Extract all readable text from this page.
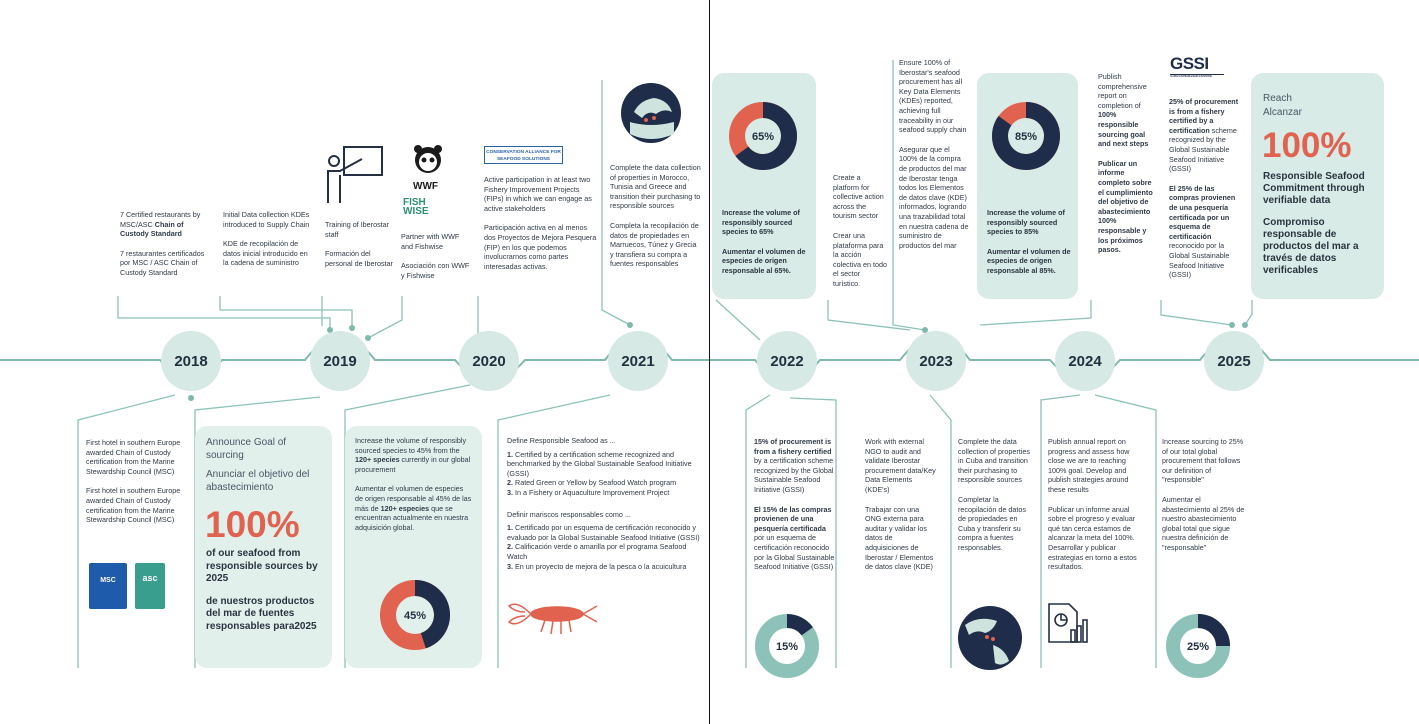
2018	2019	2020	2021	2022	2023	2024	2025

7 Certified restaurants by MSC/ASC Chain of Custody Standard

7 restaurantes certificados por MSC / ASC Chain of Custody Standard

Initial Data collection KDEs introduced to Supply Chain

KDE de recopilación de datos inicial introducido en la cadena de suministro

Training of Iberostar staff

Formación del personal de Iberostar

WWF
FISH WISE

Partner with WWF and Fishwise

Asociación con WWF y Fishwise

CONSERVATION ALLIANCE FOR SEAFOOD SOLUTIONS

Active participation in at least two Fishery Improvement Projects (FIPs) in which we can engage as active stakeholders

Participación activa en al menos dos Proyectos de Mejora Pesquera (FIP) en los que podemos involucrarnos como partes interesadas activas.

Complete the data collection of properties in Morocco, Tunisia and Greece and transition their purchasing to responsible sources

Completa la recopilación de datos de propiedades en Marruecos, Túnez y Grecia y transfiera su compra a fuentes responsables

65%

Increase the volume of responsibly sourced species to 65%

Aumentar el volumen de especies de origen responsable al 65%.

Create a platform for collective action across the tourism sector

Crear una plataforma para la acción colectiva en todo el sector turístico.

Ensure 100% of Iberostar's seafood procurement has all Key Data Elements (KDEs) reported, achieving full traceability in our seafood supply chain

Asegurar que el 100% de la compra de productos del mar de Iberostar tenga todos los Elementos de datos clave (KDE) informados, logrando una trazabilidad total en nuestra cadena de suministro de productos del mar

85%

Increase the volume of responsibly sourced species to 85%

Aumentar el volumen de especies de origen responsable al 85%.

Publish comprehensive report on completion of 100% responsible sourcing goal and next steps

Publicar un informe completo sobre el cumplimiento del objetivo de abastecimiento 100% responsable y los próximos pasos.

GSSI
GLOBAL SUSTAINABLE SEAFOOD INITIATIVE

25% of procurement is from a fishery certified by a certification scheme recognized by the Global Sustainable Seafood Initiative (GSSI)

El 25% de las compras provienen de una pesquería certificada por un esquema de certificación reconocido por la Global Sustainable Seafood Initiative (GSSI)

Reach
Alcanzar
100%

Responsible Seafood Commitment through verifiable data

Compromiso responsable de productos del mar a través de datos verificables

First hotel in southern Europe awarded Chain of Custody certification from the Marine Stewardship Council (MSC)

First hotel in southern Europe awarded Chain of Custody certification from the Marine Stewardship Council (MSC)

MSC	asc

Announce Goal of sourcing

Anunciar el objetivo del abastecimiento

100%

of our seafood from responsible sources by 2025

de nuestros productos del mar de fuentes responsables para2025

Increase the volume of responsibly sourced species to 45% from the 120+ species currently in our global procurement

Aumentar el volumen de especies de origen responsable al 45% de las más de 120+ especies que se encuentran actualmente en nuestra adquisición global.

45%

Define Responsible Seafood as ...

1. Certified by a certification scheme recognized and benchmarked by the Global Sustainable Seafood Initiative (GSSI)
2. Rated Green or Yellow by Seafood Watch program
3. In a Fishery or Aquaculture Improvement Project

Definir mariscos responsables como ...

1. Certificado por un esquema de certificación reconocido y evaluado por la Global Sustainable Seafood Initiative (GSSI)
2. Calificación verde o amarilla por el programa Seafood Watch
3. En un proyecto de mejora de la pesca o la acuicultura

15% of procurement is from a fishery certified by a certification scheme recognized by the Global Sustainable Seafood Initiative (GSSI)

El 15% de las compras provienen de una pesquería certificada por un esquema de certificación reconocido por la Global Sustainable Seafood Initiative (GSSI)

15%

Work with external NGO to audit and validate Iberostar procurement data/Key Data Elements (KDE's)

Trabajar con una ONG externa para auditar y validar los datos de adquisiciones de Iberostar / Elementos de datos clave (KDE)

Complete the data collection of properties in Cuba and transition their purchasing to responsible sources

Completar la recopilación de datos de propiedades en Cuba y transferir su compra a fuentes responsables.

Publish annual report on progress and assess how close we are to reaching 100% goal. Develop and publish strategies around these results

Publicar un informe anual sobre el progreso y evaluar qué tan cerca estamos de alcanzar la meta del 100%. Desarrollar y publicar estrategias en torno a estos resultados.

Increase sourcing to 25% of our total global procurement that follows our definition of "responsible"

Aumentar el abastecimiento al 25% de nuestro abastecimiento global total que sigue nuestra definición de "responsable"

25%
